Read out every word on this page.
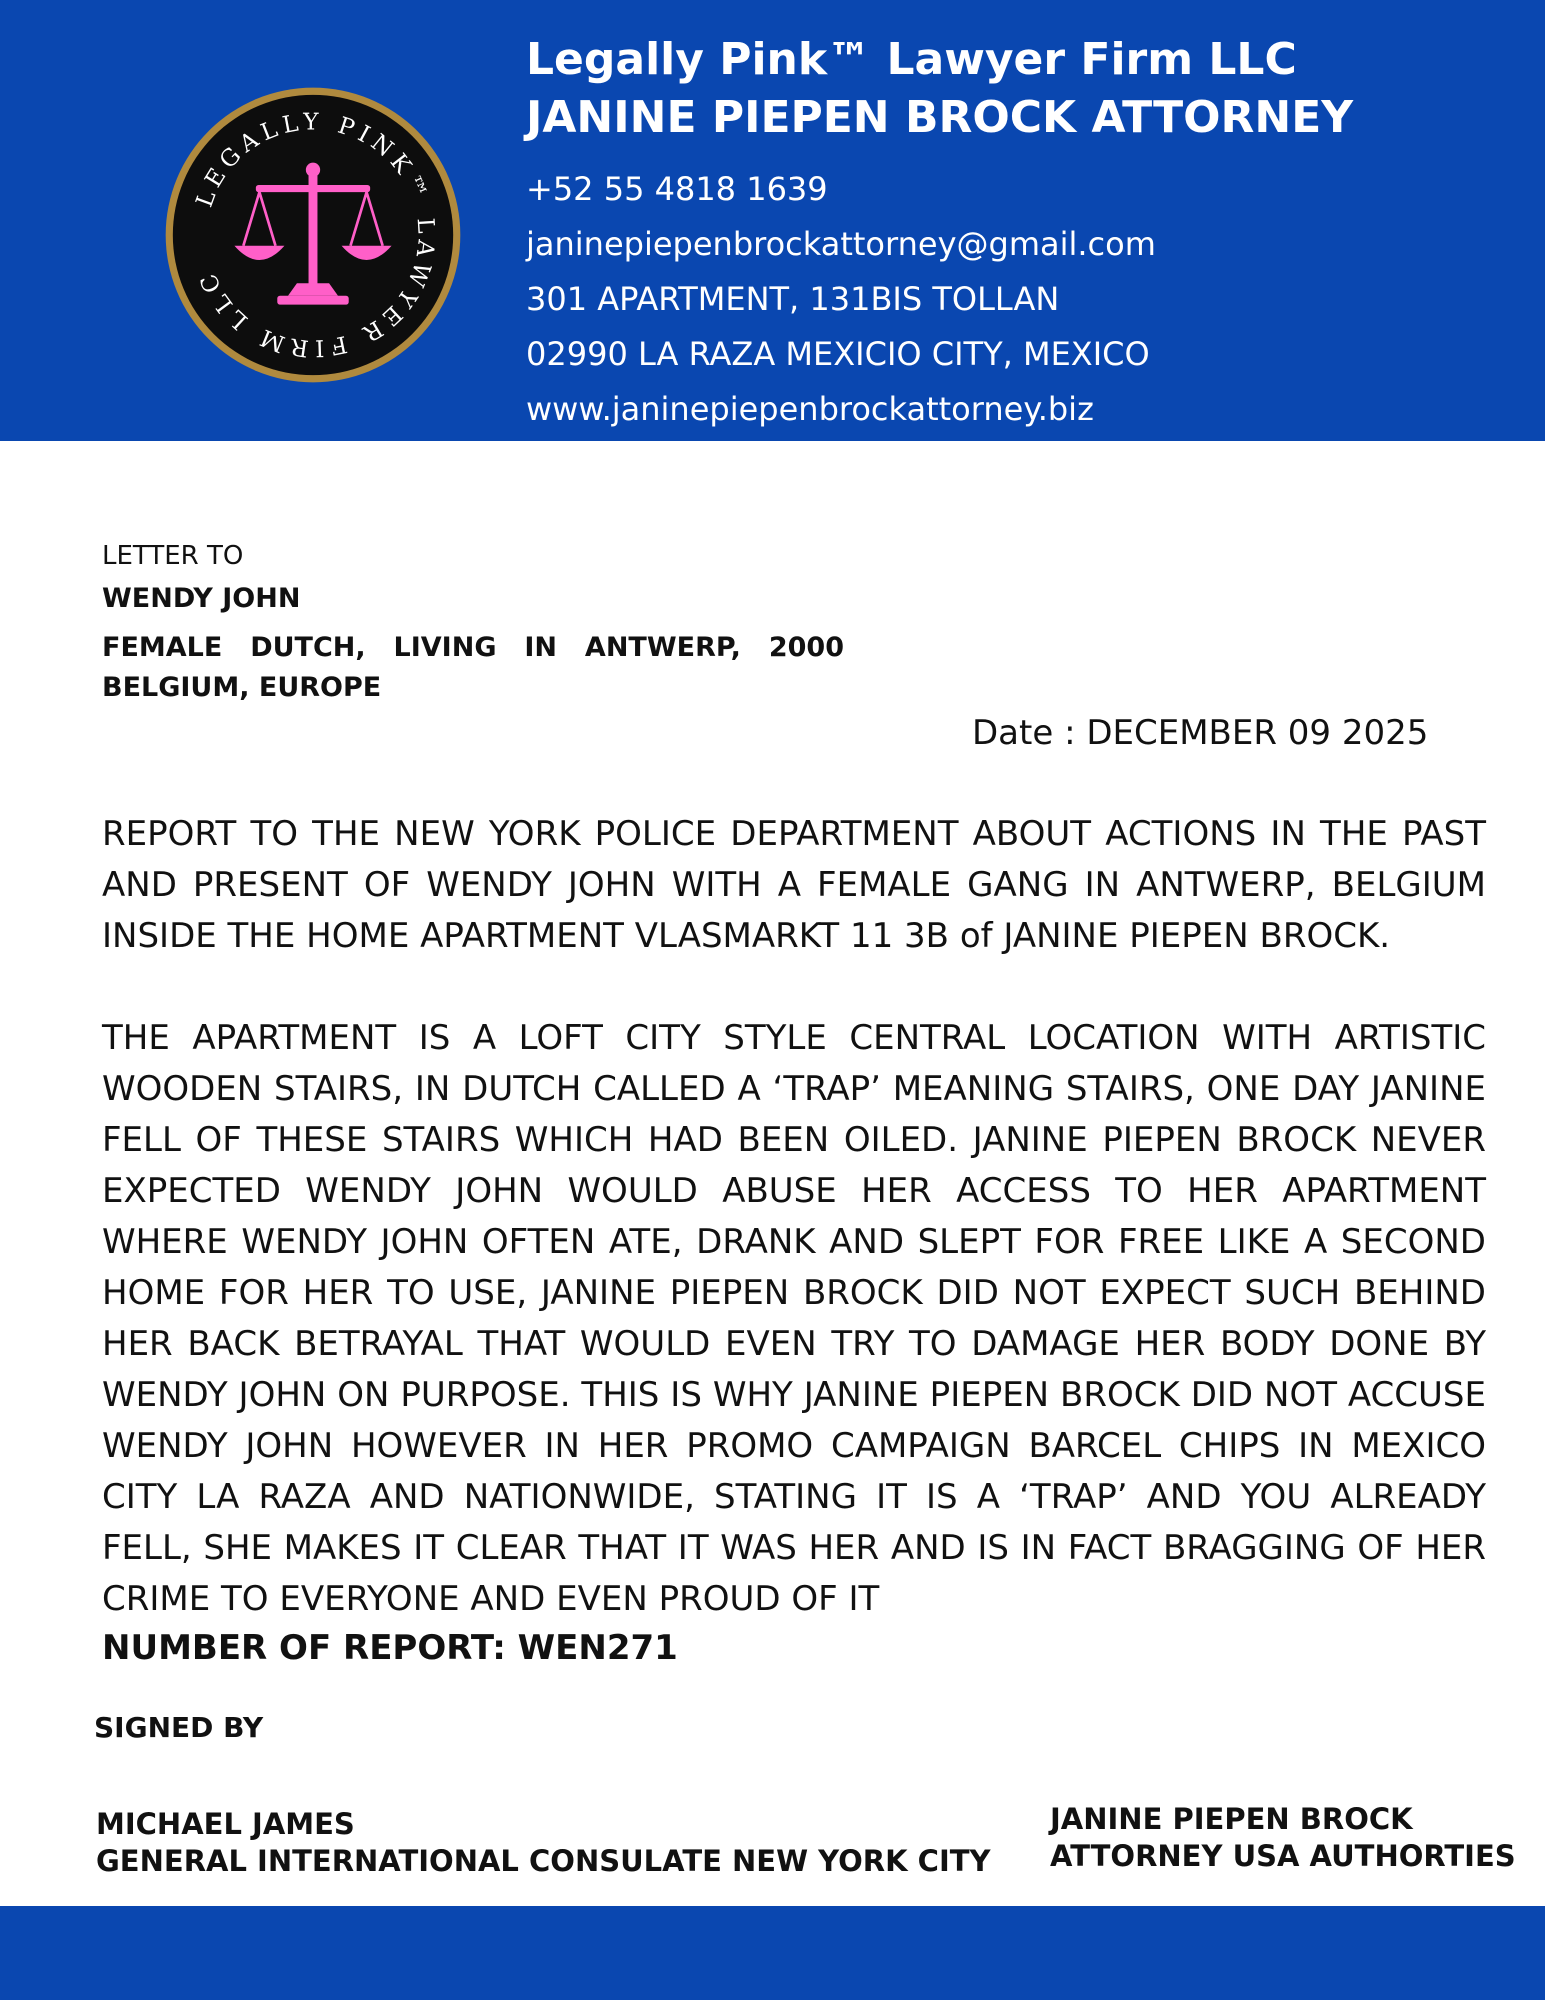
LEGALLY PINK™ LAWYER FIRM LLC
Legally Pink™ Lawyer Firm LLC
JANINE PIEPEN BROCK ATTORNEY
+52 55 4818 1639
janinepiepenbrockattorney@gmail.com
301 APARTMENT, 131BIS TOLLAN
02990 LA RAZA MEXICIO CITY, MEXICO
www.janinepiepenbrockattorney.biz
LETTER TO
WENDY JOHN
FEMALE DUTCH, LIVING IN ANTWERP, 2000 BELGIUM, EUROPE
Date : DECEMBER 09 2025
REPORT TO THE NEW YORK POLICE DEPARTMENT ABOUT ACTIONS IN THE PAST AND PRESENT OF WENDY JOHN WITH A FEMALE GANG IN ANTWERP, BELGIUM INSIDE THE HOME APARTMENT VLASMARKT 11 3B of JANINE PIEPEN BROCK.
THE APARTMENT IS A LOFT CITY STYLE CENTRAL LOCATION WITH ARTISTIC WOODEN STAIRS, IN DUTCH CALLED A ‘TRAP’ MEANING STAIRS, ONE DAY JANINE FELL OF THESE STAIRS WHICH HAD BEEN OILED. JANINE PIEPEN BROCK NEVER EXPECTED WENDY JOHN WOULD ABUSE HER ACCESS TO HER APARTMENT WHERE WENDY JOHN OFTEN ATE, DRANK AND SLEPT FOR FREE LIKE A SECOND HOME FOR HER TO USE, JANINE PIEPEN BROCK DID NOT EXPECT SUCH BEHIND HER BACK BETRAYAL THAT WOULD EVEN TRY TO DAMAGE HER BODY DONE BY WENDY JOHN ON PURPOSE. THIS IS WHY JANINE PIEPEN BROCK DID NOT ACCUSE WENDY JOHN HOWEVER IN HER PROMO CAMPAIGN BARCEL CHIPS IN MEXICO CITY LA RAZA AND NATIONWIDE, STATING IT IS A ‘TRAP’ AND YOU ALREADY FELL, SHE MAKES IT CLEAR THAT IT WAS HER AND IS IN FACT BRAGGING OF HER CRIME TO EVERYONE AND EVEN PROUD OF IT
NUMBER OF REPORT: WEN271
SIGNED BY
MICHAEL JAMES
GENERAL INTERNATIONAL CONSULATE NEW YORK CITY
JANINE PIEPEN BROCK
ATTORNEY USA AUTHORTIES
